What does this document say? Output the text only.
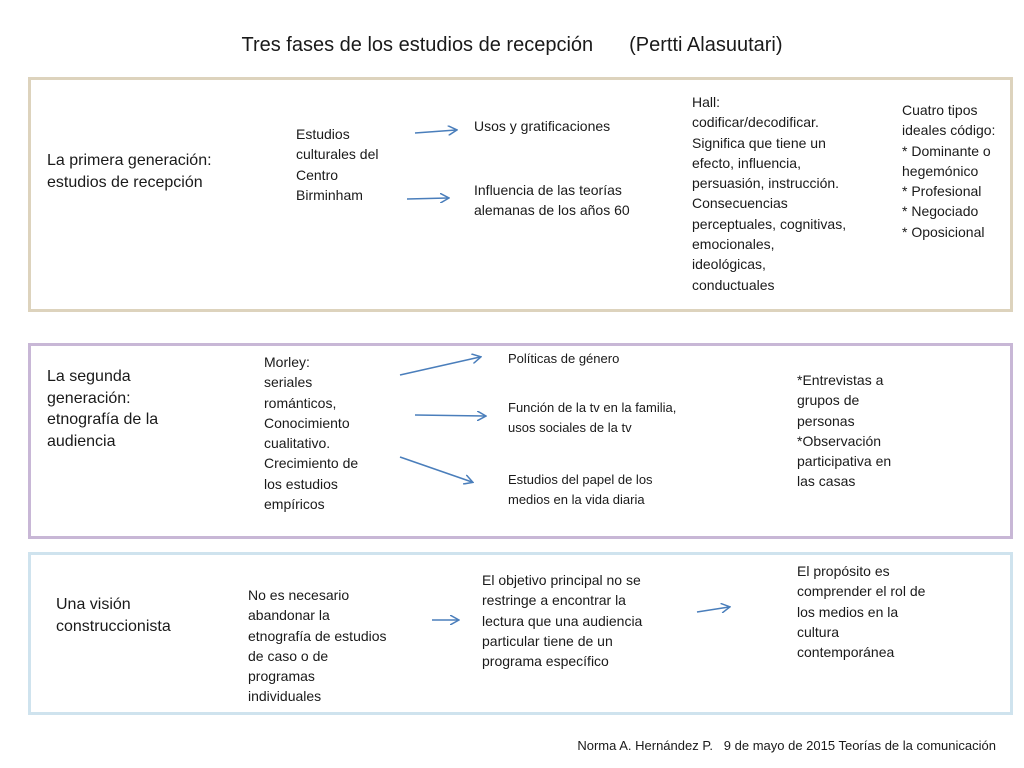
Tres fases de los estudios de recepción (Pertti Alasuutari)
La primera generación:
estudios de recepción
Estudios
culturales del
Centro
Birminham
Usos y gratificaciones
Influencia de las teorías
alemanas de los años 60
Hall:
codificar/decodificar.
Significa que tiene un
efecto, influencia,
persuasión, instrucción.
Consecuencias
perceptuales, cognitivas,
emocionales,
ideológicas,
conductuales
Cuatro tipos
ideales código:
* Dominante o
hegemónico
* Profesional
* Negociado
* Oposicional
La segunda
generación:
etnografía de la
audiencia
Morley:
seriales
románticos,
Conocimiento
cualitativo.
Crecimiento de
los estudios
empíricos
Políticas de género
Función de la tv en la familia,
usos sociales de la tv
Estudios del papel de los
medios en la vida diaria
*Entrevistas a
grupos de
personas
*Observación
participativa en
las casas
Una visión
construccionista
No es necesario
abandonar la
etnografía de estudios
de caso o de
programas
individuales
El objetivo principal no se
restringe a encontrar la
lectura que una audiencia
particular tiene de un
programa específico
El propósito es
comprender el rol de
los medios en la
cultura
contemporánea
Norma A. Hernández P.   9 de mayo de 2015 Teorías de la comunicación
